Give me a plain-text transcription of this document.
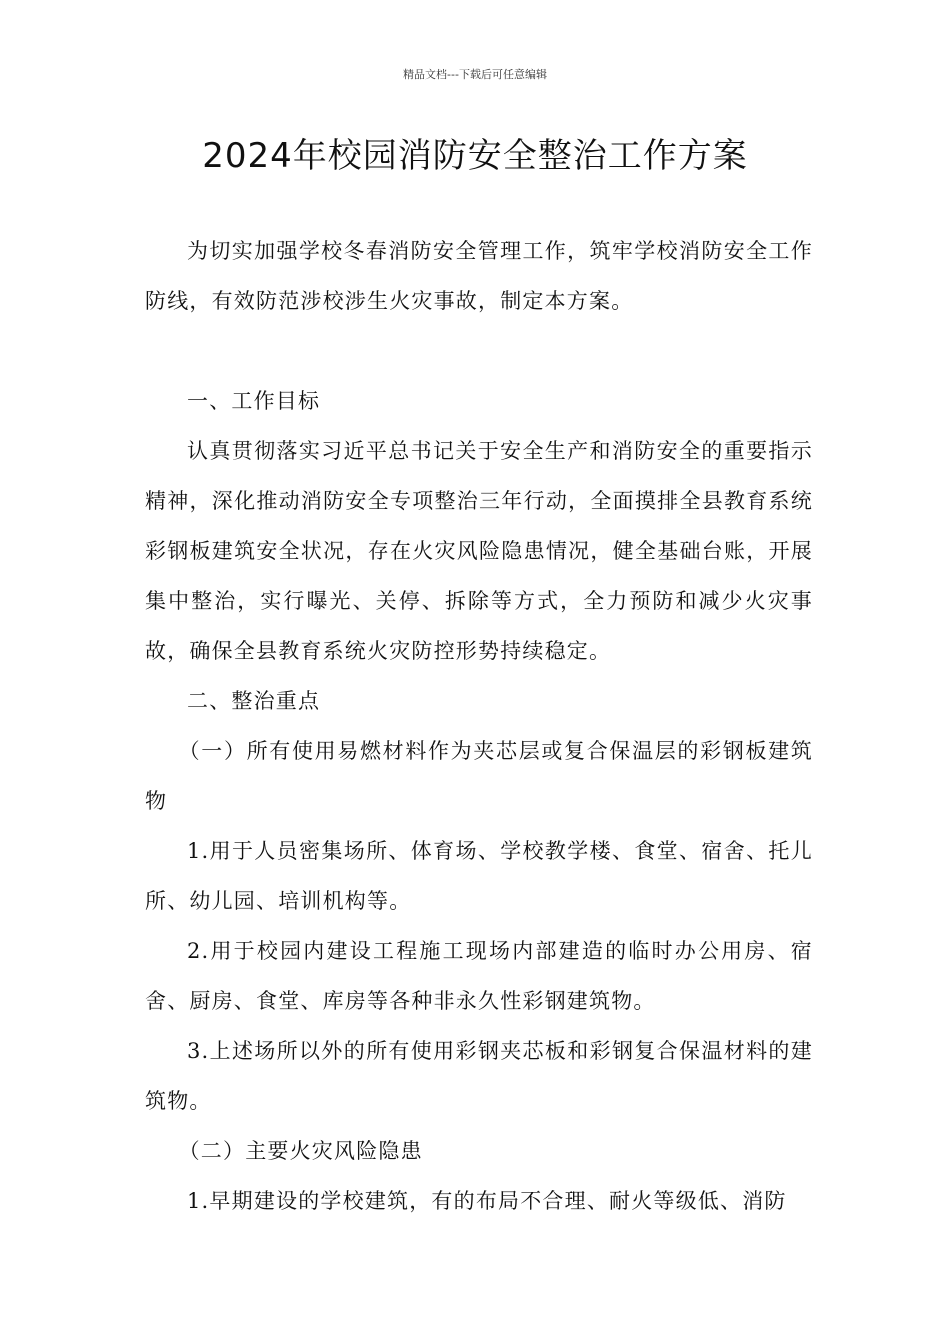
精品文档---下载后可任意编辑
2024年校园消防安全整治工作方案

为切实加强学校冬春消防安全管理工作，筑牢学校消防安全工作防线，有效防范涉校涉生火灾事故，制定本方案。

一、工作目标

认真贯彻落实习近平总书记关于安全生产和消防安全的重要指示精神，深化推动消防安全专项整治三年行动，全面摸排全县教育系统彩钢板建筑安全状况，存在火灾风险隐患情况，健全基础台账，开展集中整治，实行曝光、关停、拆除等方式，全力预防和减少火灾事故，确保全县教育系统火灾防控形势持续稳定。

二、整治重点

（一）所有使用易燃材料作为夹芯层或复合保温层的彩钢板建筑物

1.用于人员密集场所、体育场、学校教学楼、食堂、宿舍、托儿所、幼儿园、培训机构等。

2.用于校园内建设工程施工现场内部建造的临时办公用房、宿舍、厨房、食堂、库房等各种非永久性彩钢建筑物。

3.上述场所以外的所有使用彩钢夹芯板和彩钢复合保温材料的建筑物。

（二）主要火灾风险隐患

1.早期建设的学校建筑，有的布局不合理、耐火等级低、消防
